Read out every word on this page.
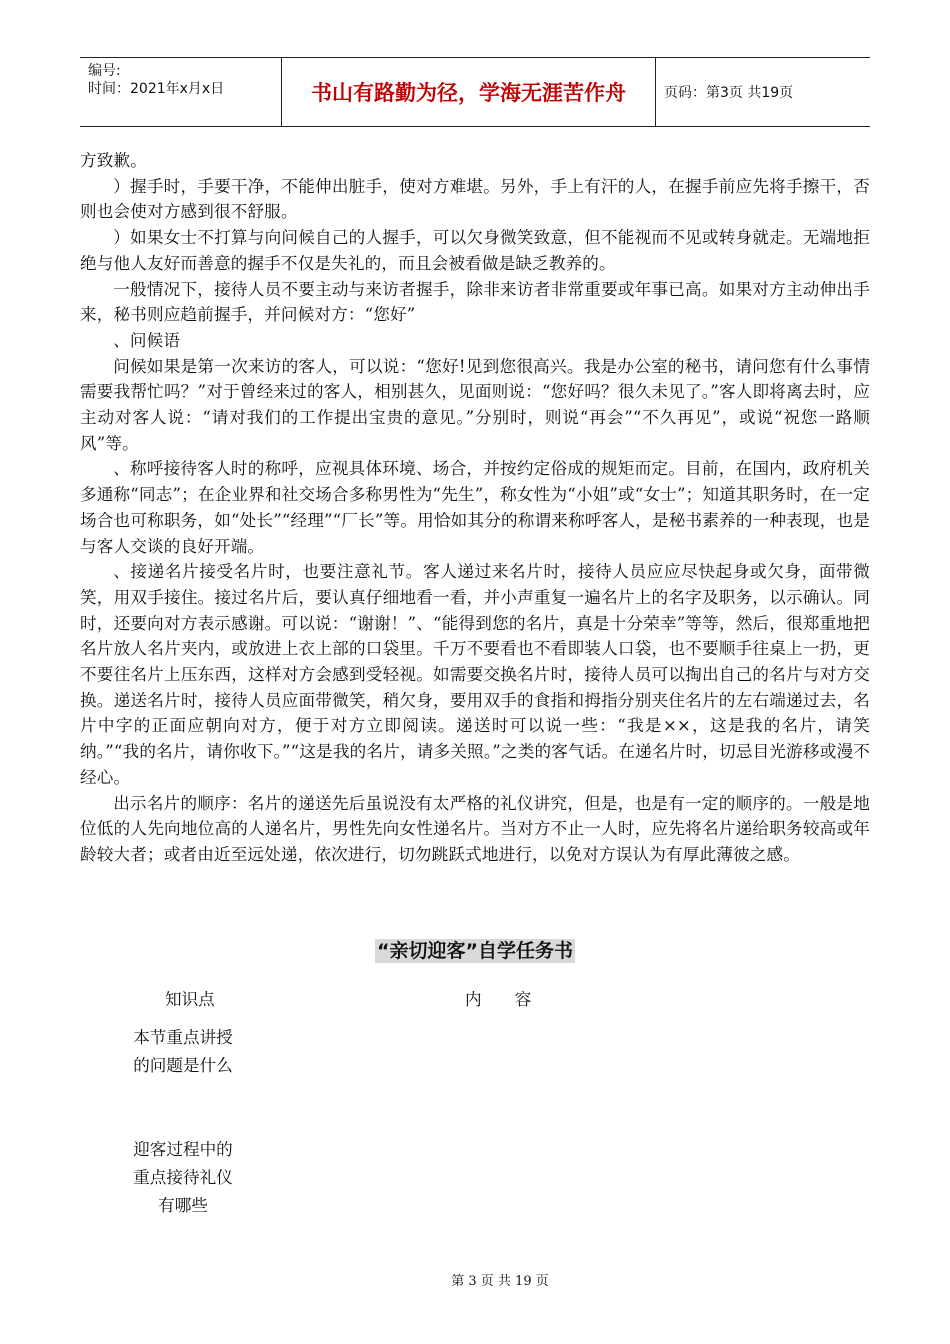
编号:
时间：2021年x月x日	书山有路勤为径，学海无涯苦作舟	页码：第3页 共19页

方致歉。

）握手时，手要干净，不能伸出脏手，使对方难堪。另外，手上有汗的人，在握手前应先将手擦干，否则也会使对方感到很不舒服。

）如果女士不打算与向问候自己的人握手，可以欠身微笑致意，但不能视而不见或转身就走。无端地拒绝与他人友好而善意的握手不仅是失礼的，而且会被看做是缺乏教养的。

一般情况下，接待人员不要主动与来访者握手，除非来访者非常重要或年事已高。如果对方主动伸出手来，秘书则应趋前握手，并问候对方：“您好”

、问候语

问候如果是第一次来访的客人，可以说：“您好!见到您很高兴。我是办公室的秘书，请问您有什么事情需要我帮忙吗？”对于曾经来过的客人，相别甚久，见面则说：“您好吗？很久未见了。”客人即将离去时，应主动对客人说：“请对我们的工作提出宝贵的意见。”分别时，则说“再会”“不久再见”，或说“祝您一路顺风”等。

、称呼接待客人时的称呼，应视具体环境、场合，并按约定俗成的规矩而定。目前，在国内，政府机关多通称“同志”；在企业界和社交场合多称男性为“先生”，称女性为“小姐”或“女士”；知道其职务时，在一定场合也可称职务，如“处长”“经理”“厂长”等。用恰如其分的称谓来称呼客人，是秘书素养的一种表现，也是与客人交谈的良好开端。

、接递名片接受名片时，也要注意礼节。客人递过来名片时，接待人员应应尽快起身或欠身，面带微笑，用双手接住。接过名片后，要认真仔细地看一看，并小声重复一遍名片上的名字及职务，以示确认。同时，还要向对方表示感谢。可以说：“谢谢！”、“能得到您的名片，真是十分荣幸”等等，然后，很郑重地把名片放人名片夹内，或放进上衣上部的口袋里。千万不要看也不看即装人口袋，也不要顺手往桌上一扔，更不要往名片上压东西，这样对方会感到受轻视。如需要交换名片时，接待人员可以掏出自己的名片与对方交换。递送名片时，接待人员应面带微笑，稍欠身，要用双手的食指和拇指分别夹住名片的左右端递过去，名片中字的正面应朝向对方，便于对方立即阅读。递送时可以说一些：“我是××，这是我的名片，请笑纳。”“我的名片，请你收下。”“这是我的名片，请多关照。”之类的客气话。在递名片时，切忌目光游移或漫不经心。

出示名片的顺序：名片的递送先后虽说没有太严格的礼仪讲究，但是，也是有一定的顺序的。一般是地位低的人先向地位高的人递名片，男性先向女性递名片。当对方不止一人时，应先将名片递给职务较高或年龄较大者；或者由近至远处递，依次进行，切勿跳跃式地进行，以免对方误认为有厚此薄彼之感。

“亲切迎客”自学任务书
知识点	内　　容
本节重点讲授的问题是什么
迎客过程中的重点接待礼仪有哪些
第 3 页 共 19 页
